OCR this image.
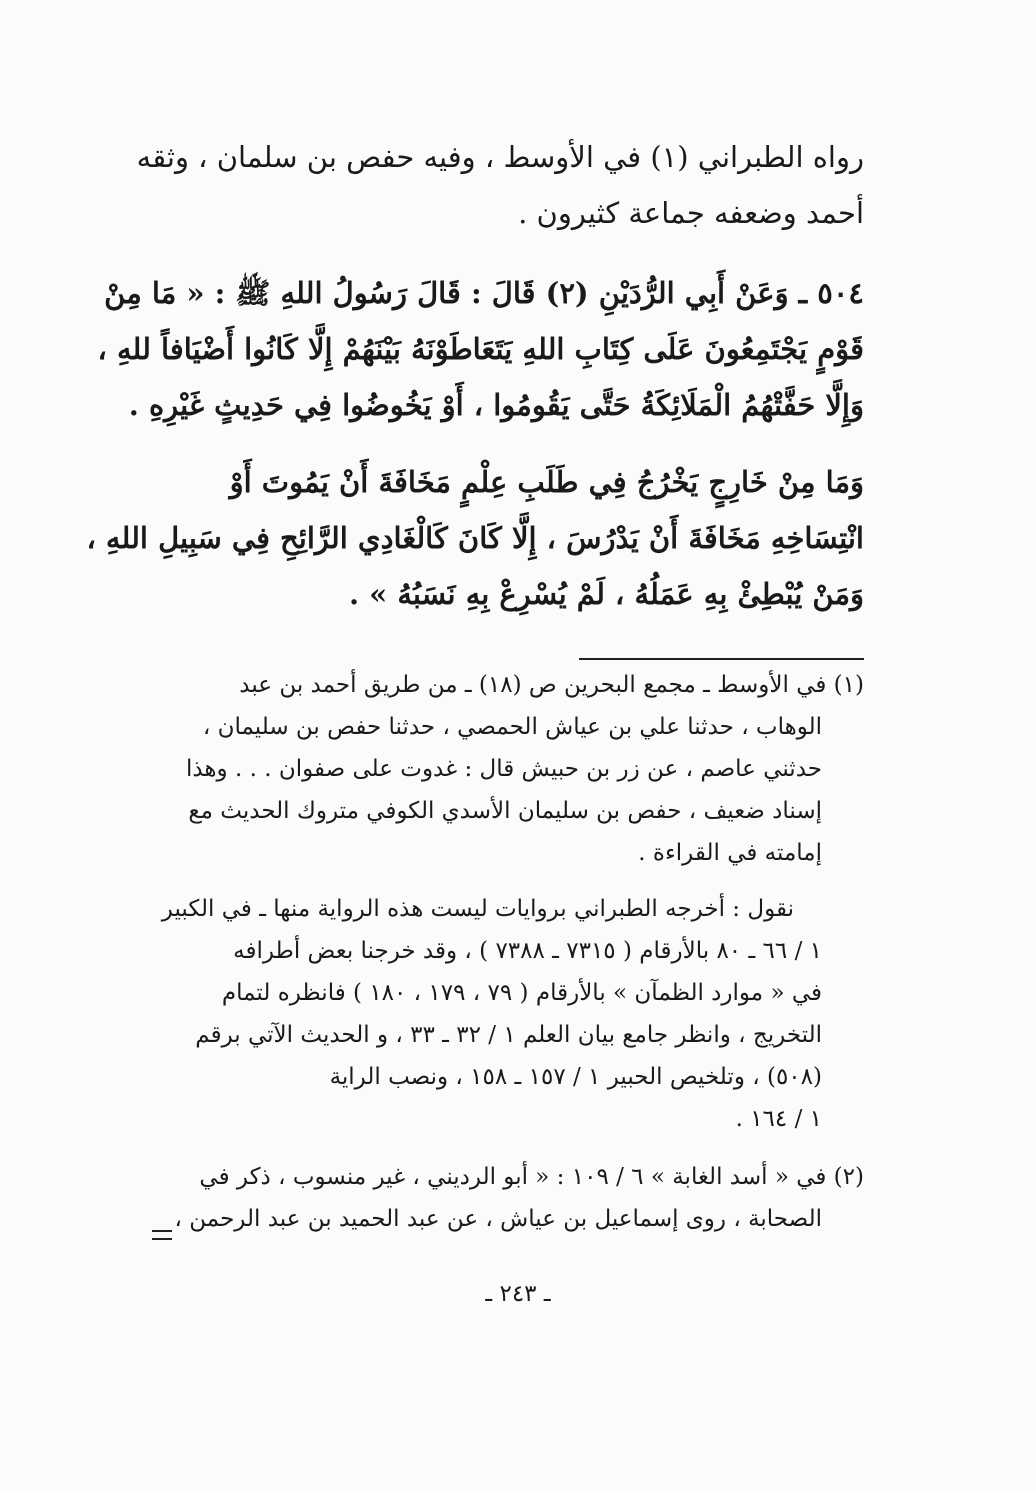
رواه الطبراني (١) في الأوسط ، وفيه حفص بن سلمان ، وثقه
أحمد وضعفه جماعة كثيرون .
٥٠٤ ـ وَعَنْ أَبِي الرُّدَيْنِ (٢) قَالَ : قَالَ رَسُولُ اللهِ ﷺ : « مَا مِنْ
قَوْمٍ يَجْتَمِعُونَ عَلَى كِتَابِ اللهِ يَتَعَاطَوْنَهُ بَيْنَهُمْ إِلَّا كَانُوا أَضْيَافاً للهِ ،
وَإِلَّا حَفَّتْهُمُ الْمَلَائِكَةُ حَتَّى يَقُومُوا ، أَوْ يَخُوضُوا فِي حَدِيثٍ غَيْرِهِ .
وَمَا مِنْ خَارِجٍ يَخْرُجُ فِي طَلَبِ عِلْمٍ مَخَافَةَ أَنْ يَمُوتَ أَوْ
انْتِسَاخِهِ مَخَافَةَ أَنْ يَدْرُسَ ، إِلَّا كَانَ كَالْغَادِي الرَّائِحِ فِي سَبِيلِ اللهِ ،
وَمَنْ يُبْطِئْ بِهِ عَمَلُهُ ، لَمْ يُسْرِعْ بِهِ نَسَبُهُ » .
(١) في الأوسط ـ مجمع البحرين ص (١٨) ـ من طريق أحمد بن عبد
الوهاب ، حدثنا علي بن عياش الحمصي ، حدثنا حفص بن سليمان ،
حدثني عاصم ، عن زر بن حبيش قال : غدوت على صفوان . . . وهذا
إسناد ضعيف ، حفص بن سليمان الأسدي الكوفي متروك الحديث مع
إمامته في القراءة .
نقول : أخرجه الطبراني بروايات ليست هذه الرواية منها ـ في الكبير
١ / ٦٦ ـ ٨٠ بالأرقام ( ٧٣١٥ ـ ٧٣٨٨ ) ، وقد خرجنا بعض أطرافه
في « موارد الظمآن » بالأرقام ( ٧٩ ، ١٧٩ ، ١٨٠ ) فانظره لتمام
التخريج ، وانظر جامع بيان العلم ١ / ٣٢ ـ ٣٣ ، و الحديث الآتي برقم
(٥٠٨) ، وتلخيص الحبير ١ / ١٥٧ ـ ١٥٨ ، ونصب الراية
١ / ١٦٤ .
(٢) في « أسد الغابة » ٦ / ١٠٩ : « أبو الرديني ، غير منسوب ، ذكر في
الصحابة ، روى إسماعيل بن عياش ، عن عبد الحميد بن عبد الرحمن ،
ـ ٢٤٣ ـ
